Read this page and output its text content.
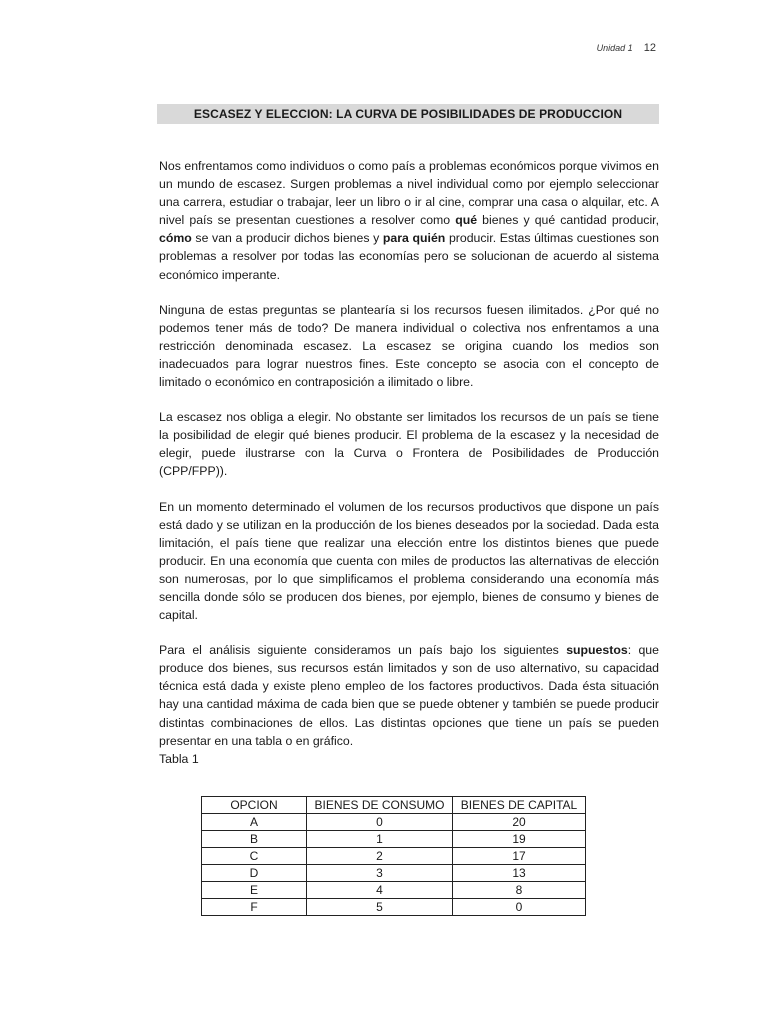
Unidad 1 12
ESCASEZ Y ELECCION: LA CURVA DE POSIBILIDADES DE PRODUCCION

Nos enfrentamos como individuos o como país a problemas económicos porque vivimos en un mundo de escasez. Surgen problemas a nivel individual como por ejemplo seleccionar una carrera, estudiar o trabajar, leer un libro o ir al cine, comprar una casa o alquilar, etc. A nivel país se presentan cuestiones a resolver como qué bienes y qué cantidad producir, cómo se van a producir dichos bienes y para quién producir. Estas últimas cuestiones son problemas a resolver por todas las economías pero se solucionan de acuerdo al sistema económico imperante.

Ninguna de estas preguntas se plantearía si los recursos fuesen ilimitados. ¿Por qué no podemos tener más de todo? De manera individual o colectiva nos enfrentamos a una restricción denominada escasez. La escasez se origina cuando los medios son inadecuados para lograr nuestros fines. Este concepto se asocia con el concepto de limitado o económico en contraposición a ilimitado o libre.

La escasez nos obliga a elegir. No obstante ser limitados los recursos de un país se tiene la posibilidad de elegir qué bienes producir. El problema de la escasez y la necesidad de elegir, puede ilustrarse con la Curva o Frontera de Posibilidades de Producción (CPP/FPP)).

En un momento determinado el volumen de los recursos productivos que dispone un país está dado y se utilizan en la producción de los bienes deseados por la sociedad. Dada esta limitación, el país tiene que realizar una elección entre los distintos bienes que puede producir. En una economía que cuenta con miles de productos las alternativas de elección son numerosas, por lo que simplificamos el problema considerando una economía más sencilla donde sólo se producen dos bienes, por ejemplo, bienes de consumo y bienes de capital.

Para el análisis siguiente consideramos un país bajo los siguientes supuestos: que produce dos bienes, sus recursos están limitados y son de uso alternativo, su capacidad técnica está dada y existe pleno empleo de los factores productivos. Dada ésta situación hay una cantidad máxima de cada bien que se puede obtener y también se puede producir distintas combinaciones de ellos. Las distintas opciones que tiene un país se pueden presentar en una tabla o en gráfico.

Tabla 1

OPCION	BIENES DE CONSUMO	BIENES DE CAPITAL
A	0	20
B	1	19
C	2	17
D	3	13
E	4	8
F	5	0
